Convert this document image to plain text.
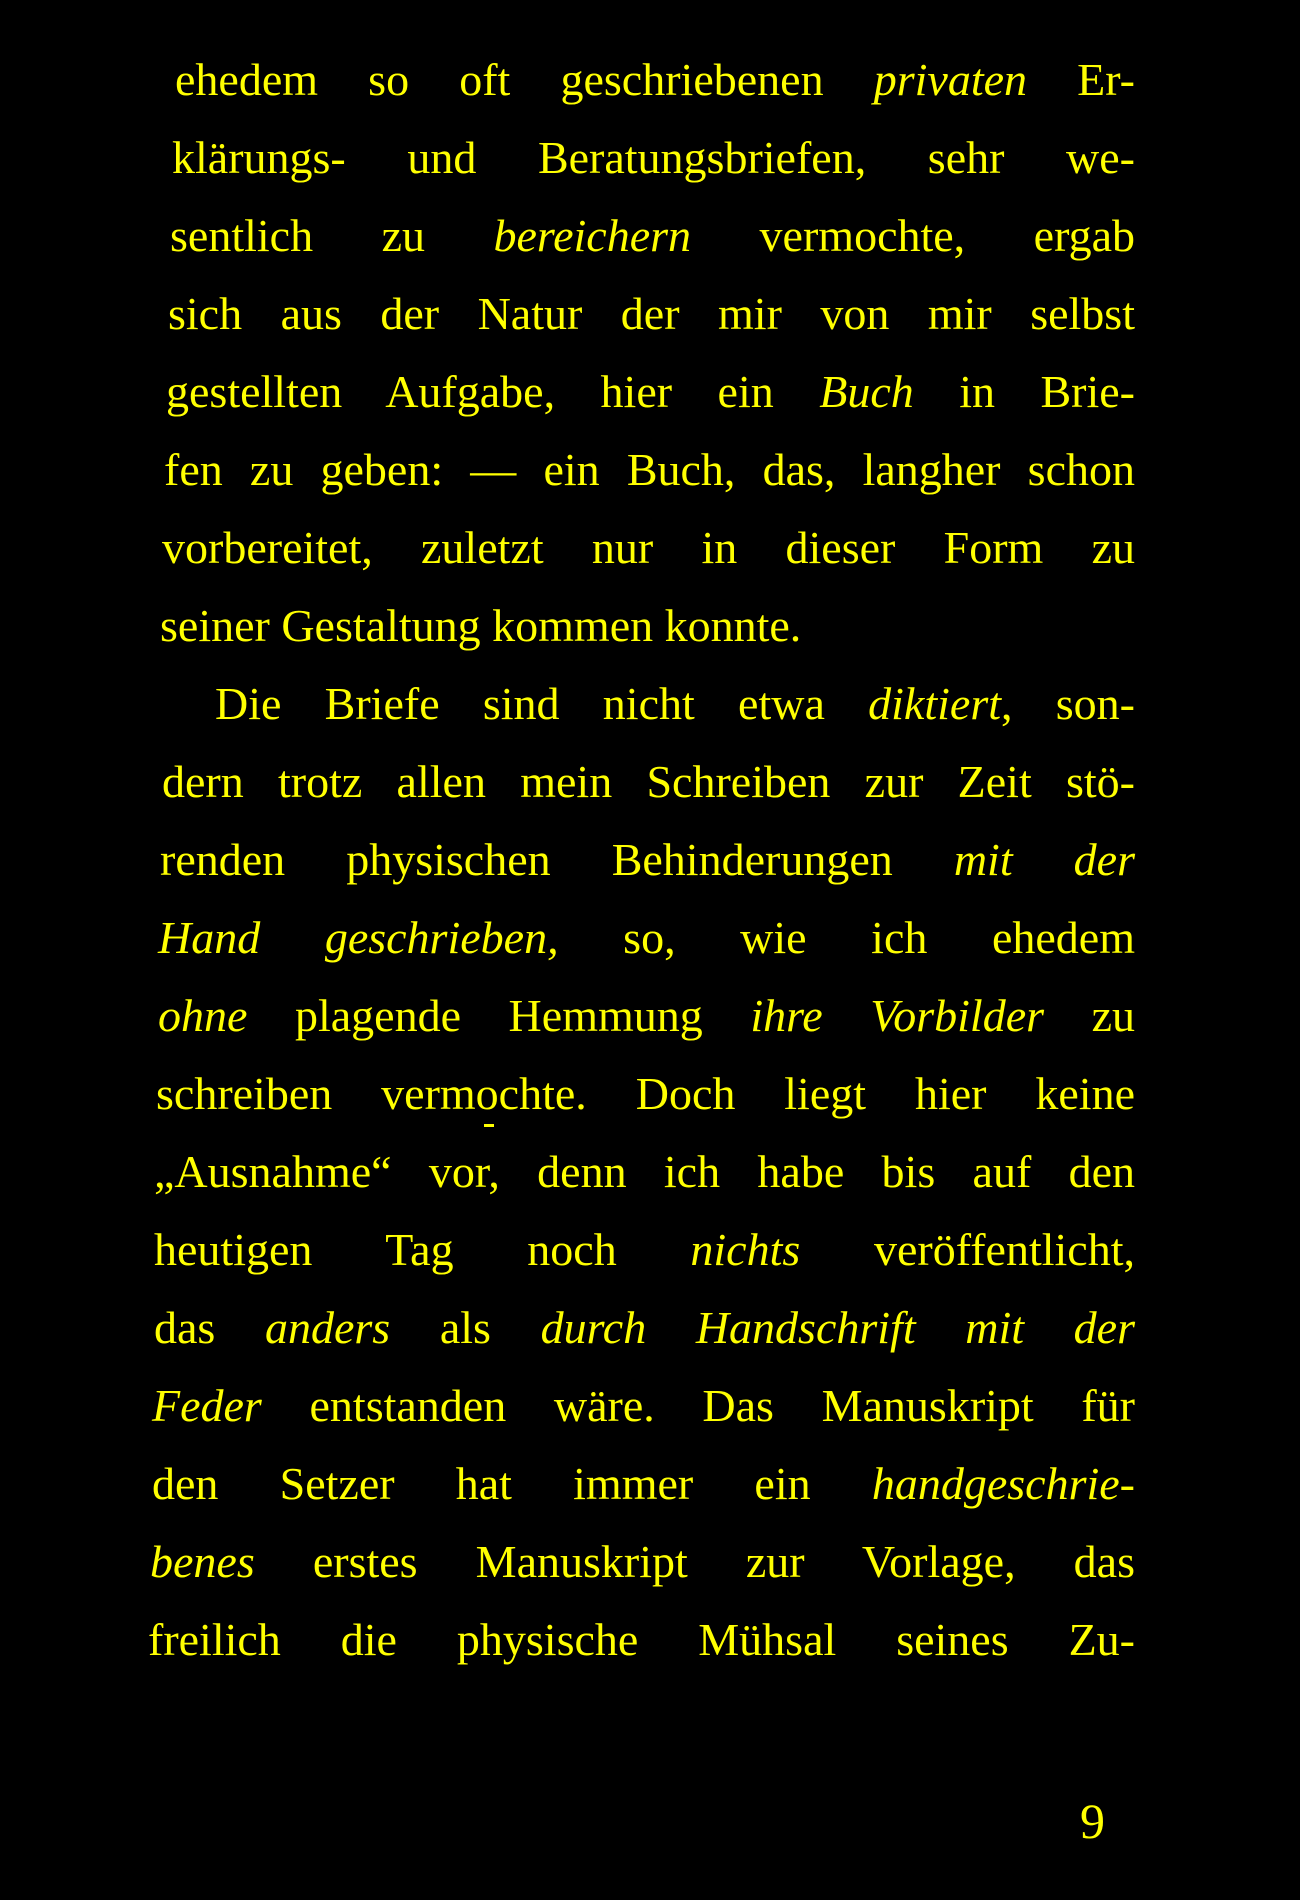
ehedem so oft geschriebenen privaten Er-
klärungs- und Beratungsbriefen, sehr we-
sentlich zu bereichern vermochte, ergab
sich aus der Natur der mir von mir selbst
gestellten Aufgabe, hier ein Buch in Brie-
fen zu geben: — ein Buch, das, langher schon
vorbereitet, zuletzt nur in dieser Form zu
seiner Gestaltung kommen konnte.
Die Briefe sind nicht etwa diktiert, son-
dern trotz allen mein Schreiben zur Zeit stö-
renden physischen Behinderungen mit der
Hand geschrieben, so, wie ich ehedem
ohne plagende Hemmung ihre Vorbilder zu
schreiben vermochte. Doch liegt hier keine
„Ausnahme“ vor, denn ich habe bis auf den
heutigen Tag noch nichts veröffentlicht,
das anders als durch Handschrift mit der
Feder entstanden wäre. Das Manuskript für
den Setzer hat immer ein handgeschrie-
benes erstes Manuskript zur Vorlage, das
freilich die physische Mühsal seines Zu-
9
